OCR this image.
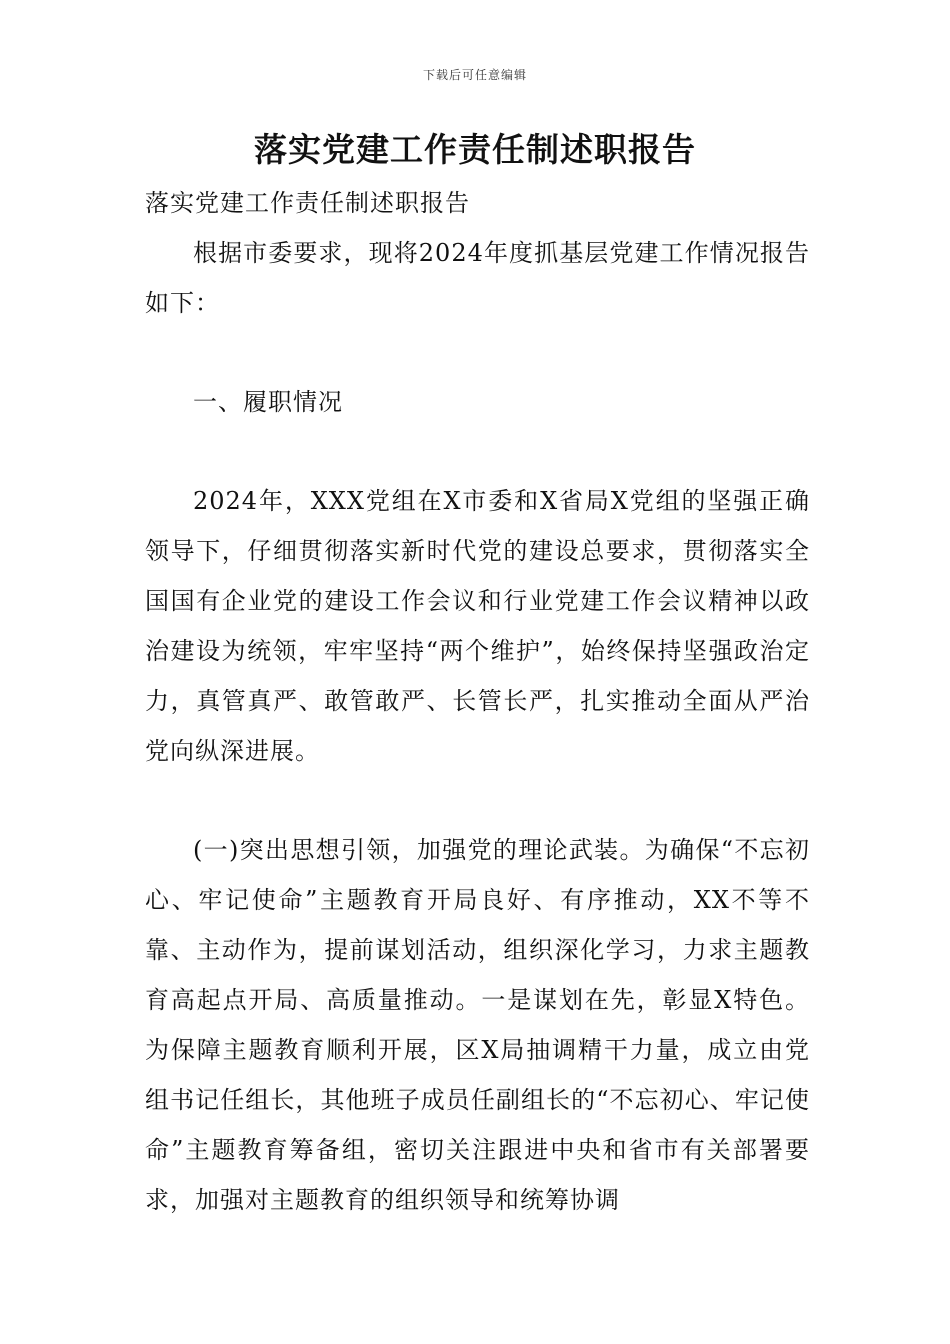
下载后可任意编辑
落实党建工作责任制述职报告

落实党建工作责任制述职报告

根据市委要求，现将2024年度抓基层党建工作情况报告如下：

一、履职情况

2024年，XXX党组在X市委和X省局X党组的坚强正确领导下，仔细贯彻落实新时代党的建设总要求，贯彻落实全国国有企业党的建设工作会议和行业党建工作会议精神以政治建设为统领，牢牢坚持“两个维护”，始终保持坚强政治定力，真管真严、敢管敢严、长管长严，扎实推动全面从严治党向纵深进展。

(一)突出思想引领，加强党的理论武装。为确保“不忘初心、牢记使命”主题教育开局良好、有序推动，XX不等不靠、主动作为，提前谋划活动，组织深化学习，力求主题教育高起点开局、高质量推动。一是谋划在先，彰显X特色。为保障主题教育顺利开展，区X局抽调精干力量，成立由党组书记任组长，其他班子成员任副组长的“不忘初心、牢记使命”主题教育筹备组，密切关注跟进中央和省市有关部署要求，加强对主题教育的组织领导和统筹协调
